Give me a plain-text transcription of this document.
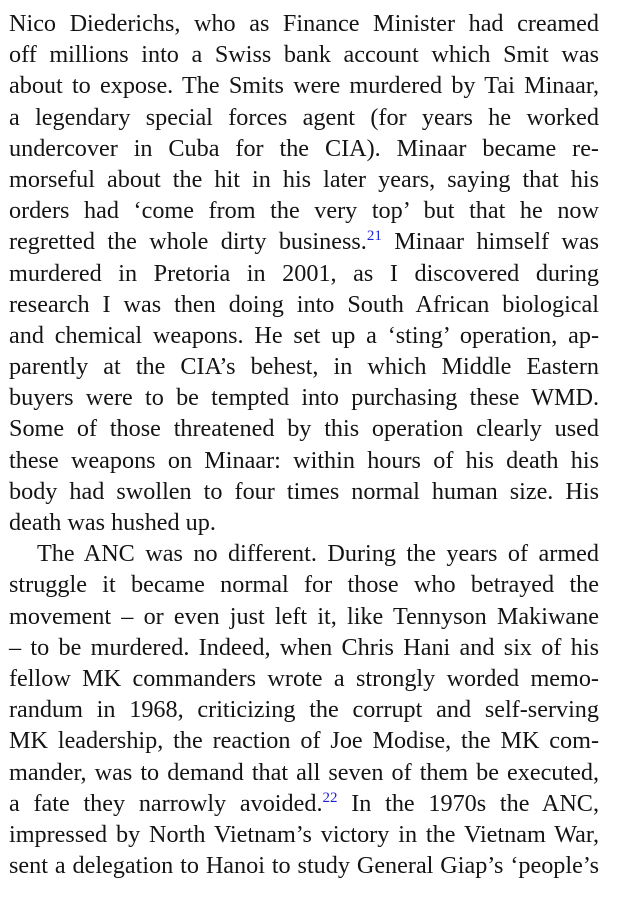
Nico Diederichs, who as Finance Minister had creamed
off millions into a Swiss bank account which Smit was
about to expose. The Smits were murdered by Tai Minaar,
a legendary special forces agent (for years he worked
undercover in Cuba for the CIA). Minaar became re-
morseful about the hit in his later years, saying that his
orders had ‘come from the very top’ but that he now
regretted the whole dirty business.$^{21}$ Minaar himself was
murdered in Pretoria in 2001, as I discovered during
research I was then doing into South African biological
and chemical weapons. He set up a ‘sting’ operation, ap-
parently at the CIA’s behest, in which Middle Eastern
buyers were to be tempted into purchasing these WMD.
Some of those threatened by this operation clearly used
these weapons on Minaar: within hours of his death his
body had swollen to four times normal human size. His
death was hushed up.
The ANC was no different. During the years of armed
struggle it became normal for those who betrayed the
movement – or even just left it, like Tennyson Makiwane
– to be murdered. Indeed, when Chris Hani and six of his
fellow MK commanders wrote a strongly worded memo-
randum in 1968, criticizing the corrupt and self-serving
MK leadership, the reaction of Joe Modise, the MK com-
mander, was to demand that all seven of them be executed,
a fate they narrowly avoided.$^{22}$ In the 1970s the ANC,
impressed by North Vietnam’s victory in the Vietnam War,
sent a delegation to Hanoi to study General Giap’s ‘people’s
